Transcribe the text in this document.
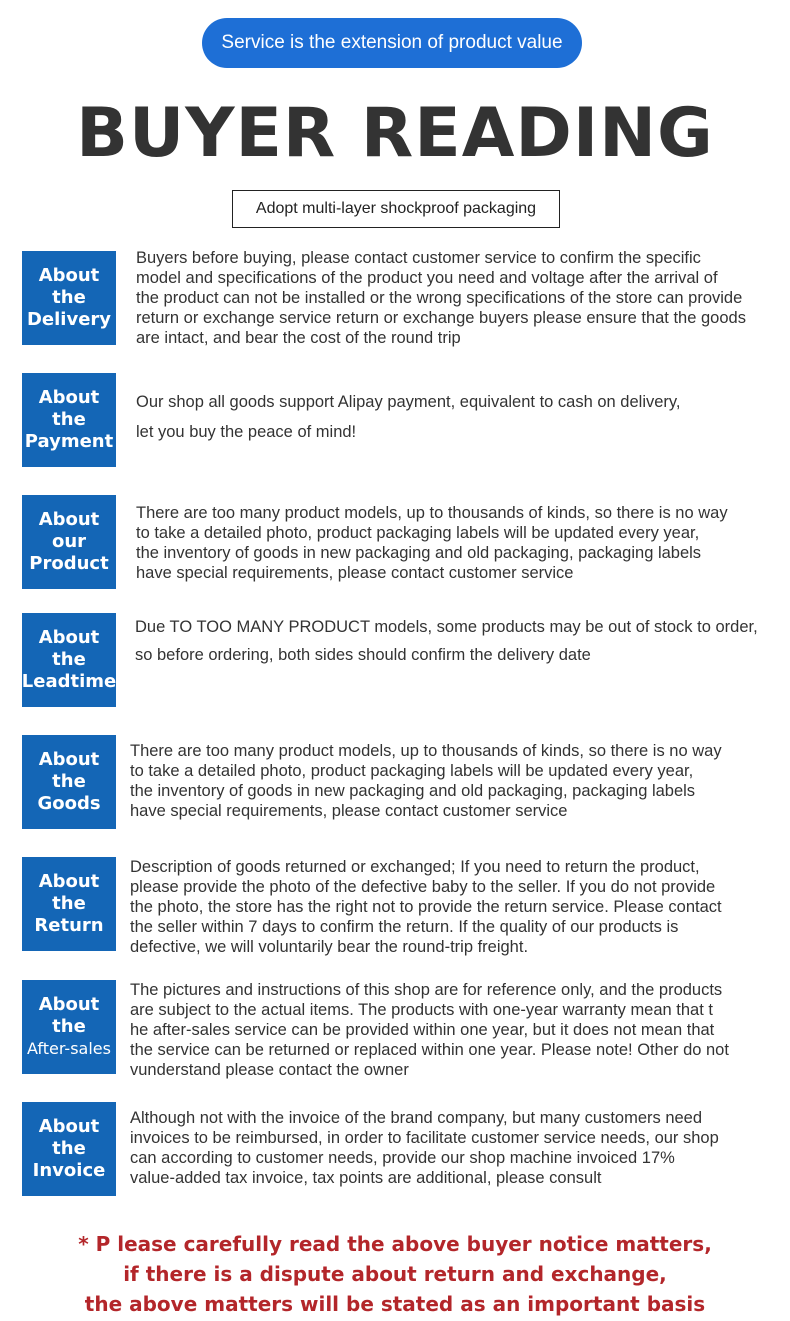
Service is the extension of product value
BUYER READING
Adopt multi-layer shockproof packaging
About
the
Delivery

Buyers before buying, please contact customer service to confirm the specific

model and specifications of the product you need and voltage after the arrival of

the product can not be installed or the wrong specifications of the store can provide

return or exchange service return or exchange buyers please ensure that the goods

are intact, and bear the cost of the round trip

About
the
Payment

Our shop all goods support Alipay payment, equivalent to cash on delivery,

let you buy the peace of mind!

About
our
Product

There are too many product models, up to thousands of kinds, so there is no way

to take a detailed photo, product packaging labels will be updated every year,

the inventory of goods in new packaging and old packaging, packaging labels

have special requirements, please contact customer service

About
the
Leadtime

Due TO TOO MANY PRODUCT models, some products may be out of stock to order,

so before ordering, both sides should confirm the delivery date

About
the
Goods

There are too many product models, up to thousands of kinds, so there is no way

to take a detailed photo, product packaging labels will be updated every year,

the inventory of goods in new packaging and old packaging, packaging labels

have special requirements, please contact customer service

About
the
Return

Description of goods returned or exchanged; If you need to return the product,

please provide the photo of the defective baby to the seller. If you do not provide

the photo, the store has the right not to provide the return service. Please contact

the seller within 7 days to confirm the return. If the quality of our products is

defective, we will voluntarily bear the round-trip freight.

About
the
After-sales

The pictures and instructions of this shop are for reference only, and the products

are subject to the actual items. The products with one-year warranty mean that t

he after-sales service can be provided within one year, but it does not mean that

the service can be returned or replaced within one year. Please note! Other do not

vunderstand please contact the owner

About
the
Invoice

Although not with the invoice of the brand company, but many customers need

invoices to be reimbursed, in order to facilitate customer service needs, our shop

can according to customer needs, provide our shop machine invoiced 17%

value-added tax invoice, tax points are additional, please consult

* P lease carefully read the above buyer notice matters,

if there is a dispute about return and exchange,

the above matters will be stated as an important basis
